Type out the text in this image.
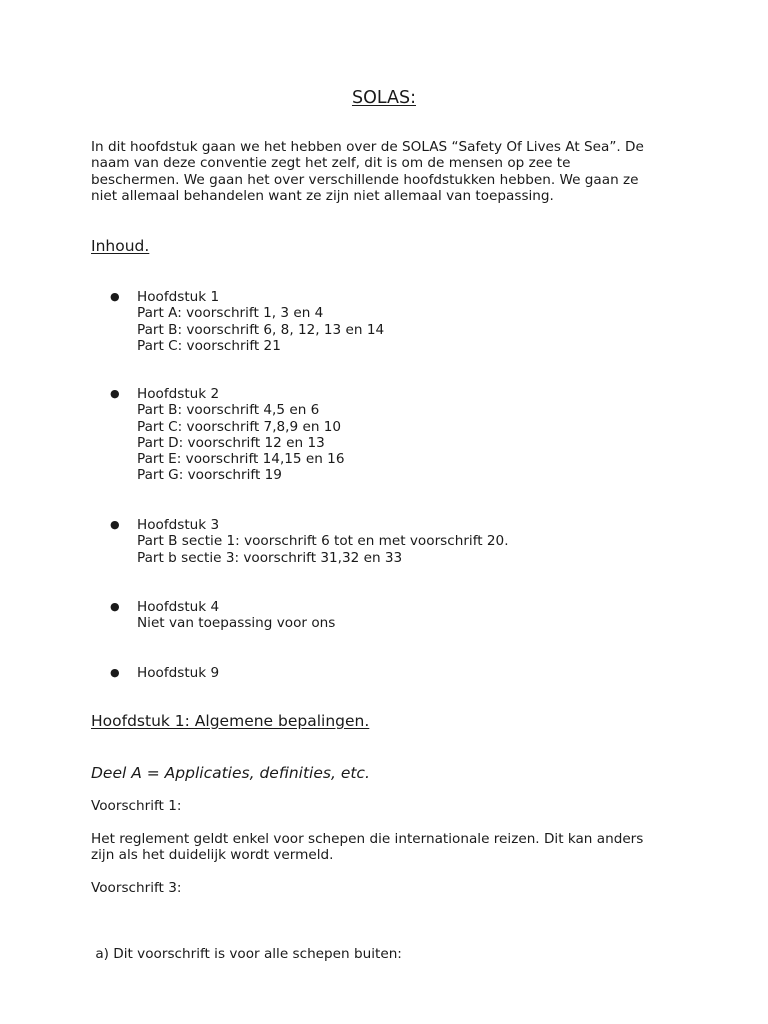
SOLAS:
In dit hoofdstuk gaan we het hebben over de SOLAS “Safety Of Lives At Sea”. De
naam van deze conventie zegt het zelf, dit is om de mensen op zee te
beschermen. We gaan het over verschillende hoofdstukken hebben. We gaan ze
niet allemaal behandelen want ze zijn niet allemaal van toepassing.
Inhoud.
●	Hoofdstuk 1
Part A: voorschrift 1, 3 en 4
Part B: voorschrift 6, 8, 12, 13 en 14
Part C: voorschrift 21
●	Hoofdstuk 2
Part B: voorschrift 4,5 en 6
Part C: voorschrift 7,8,9 en 10
Part D: voorschrift 12 en 13
Part E: voorschrift 14,15 en 16
Part G: voorschrift 19
●	Hoofdstuk 3
Part B sectie 1: voorschrift 6 tot en met voorschrift 20.
Part b sectie 3: voorschrift 31,32 en 33
●	Hoofdstuk 4
Niet van toepassing voor ons
●	Hoofdstuk 9
Hoofdstuk 1: Algemene bepalingen.
Deel A = Applicaties, definities, etc.
Voorschrift 1:
Het reglement geldt enkel voor schepen die internationale reizen. Dit kan anders
zijn als het duidelijk wordt vermeld.
Voorschrift 3:

a) Dit voorschrift is voor alle schepen buiten:
